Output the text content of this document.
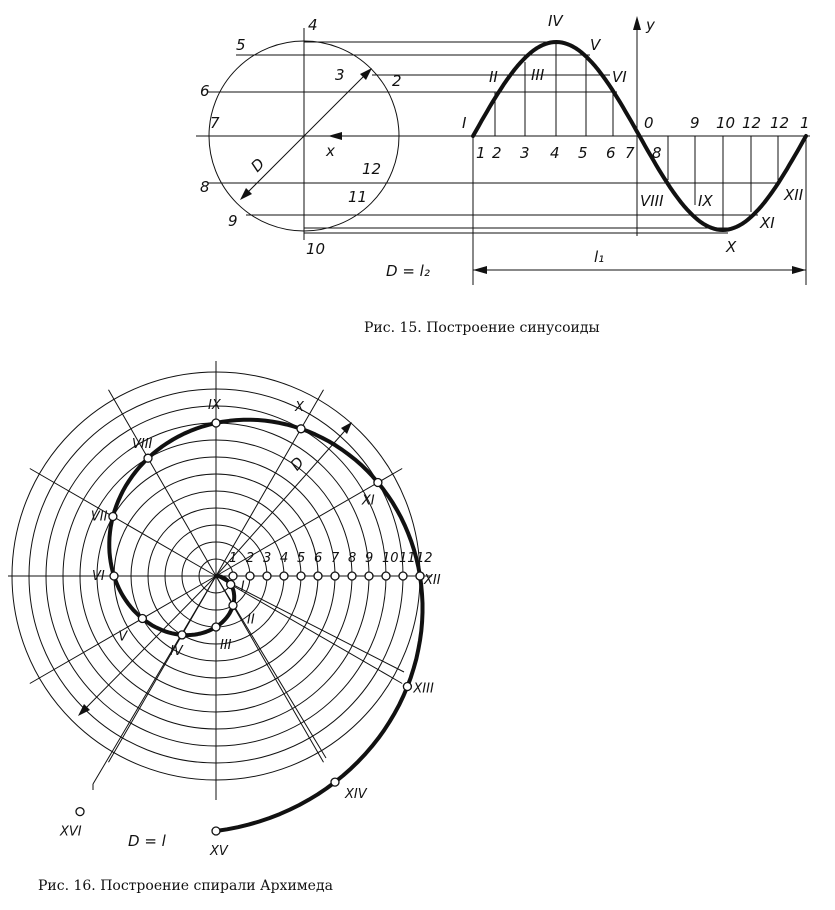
4
5
3	2
6
7
8
9
12
11
10
x
y
0
D
1 2 3 4 5 6 7 8
9 10 12 12 1
I
II III
IV
V
VI
VIII IX
X
XI
XII
D = l₂
l₁
Рис. 15. Построение синусоиды
D
1 2 3 4 5 6 7 8 9 10 11 12
I
II
III
IV
V
VI
VII
VIII
IX	X
XI
XII
XIII
XIV
XV
XVI	D = l
Рис. 16. Построение спирали Архимеда
